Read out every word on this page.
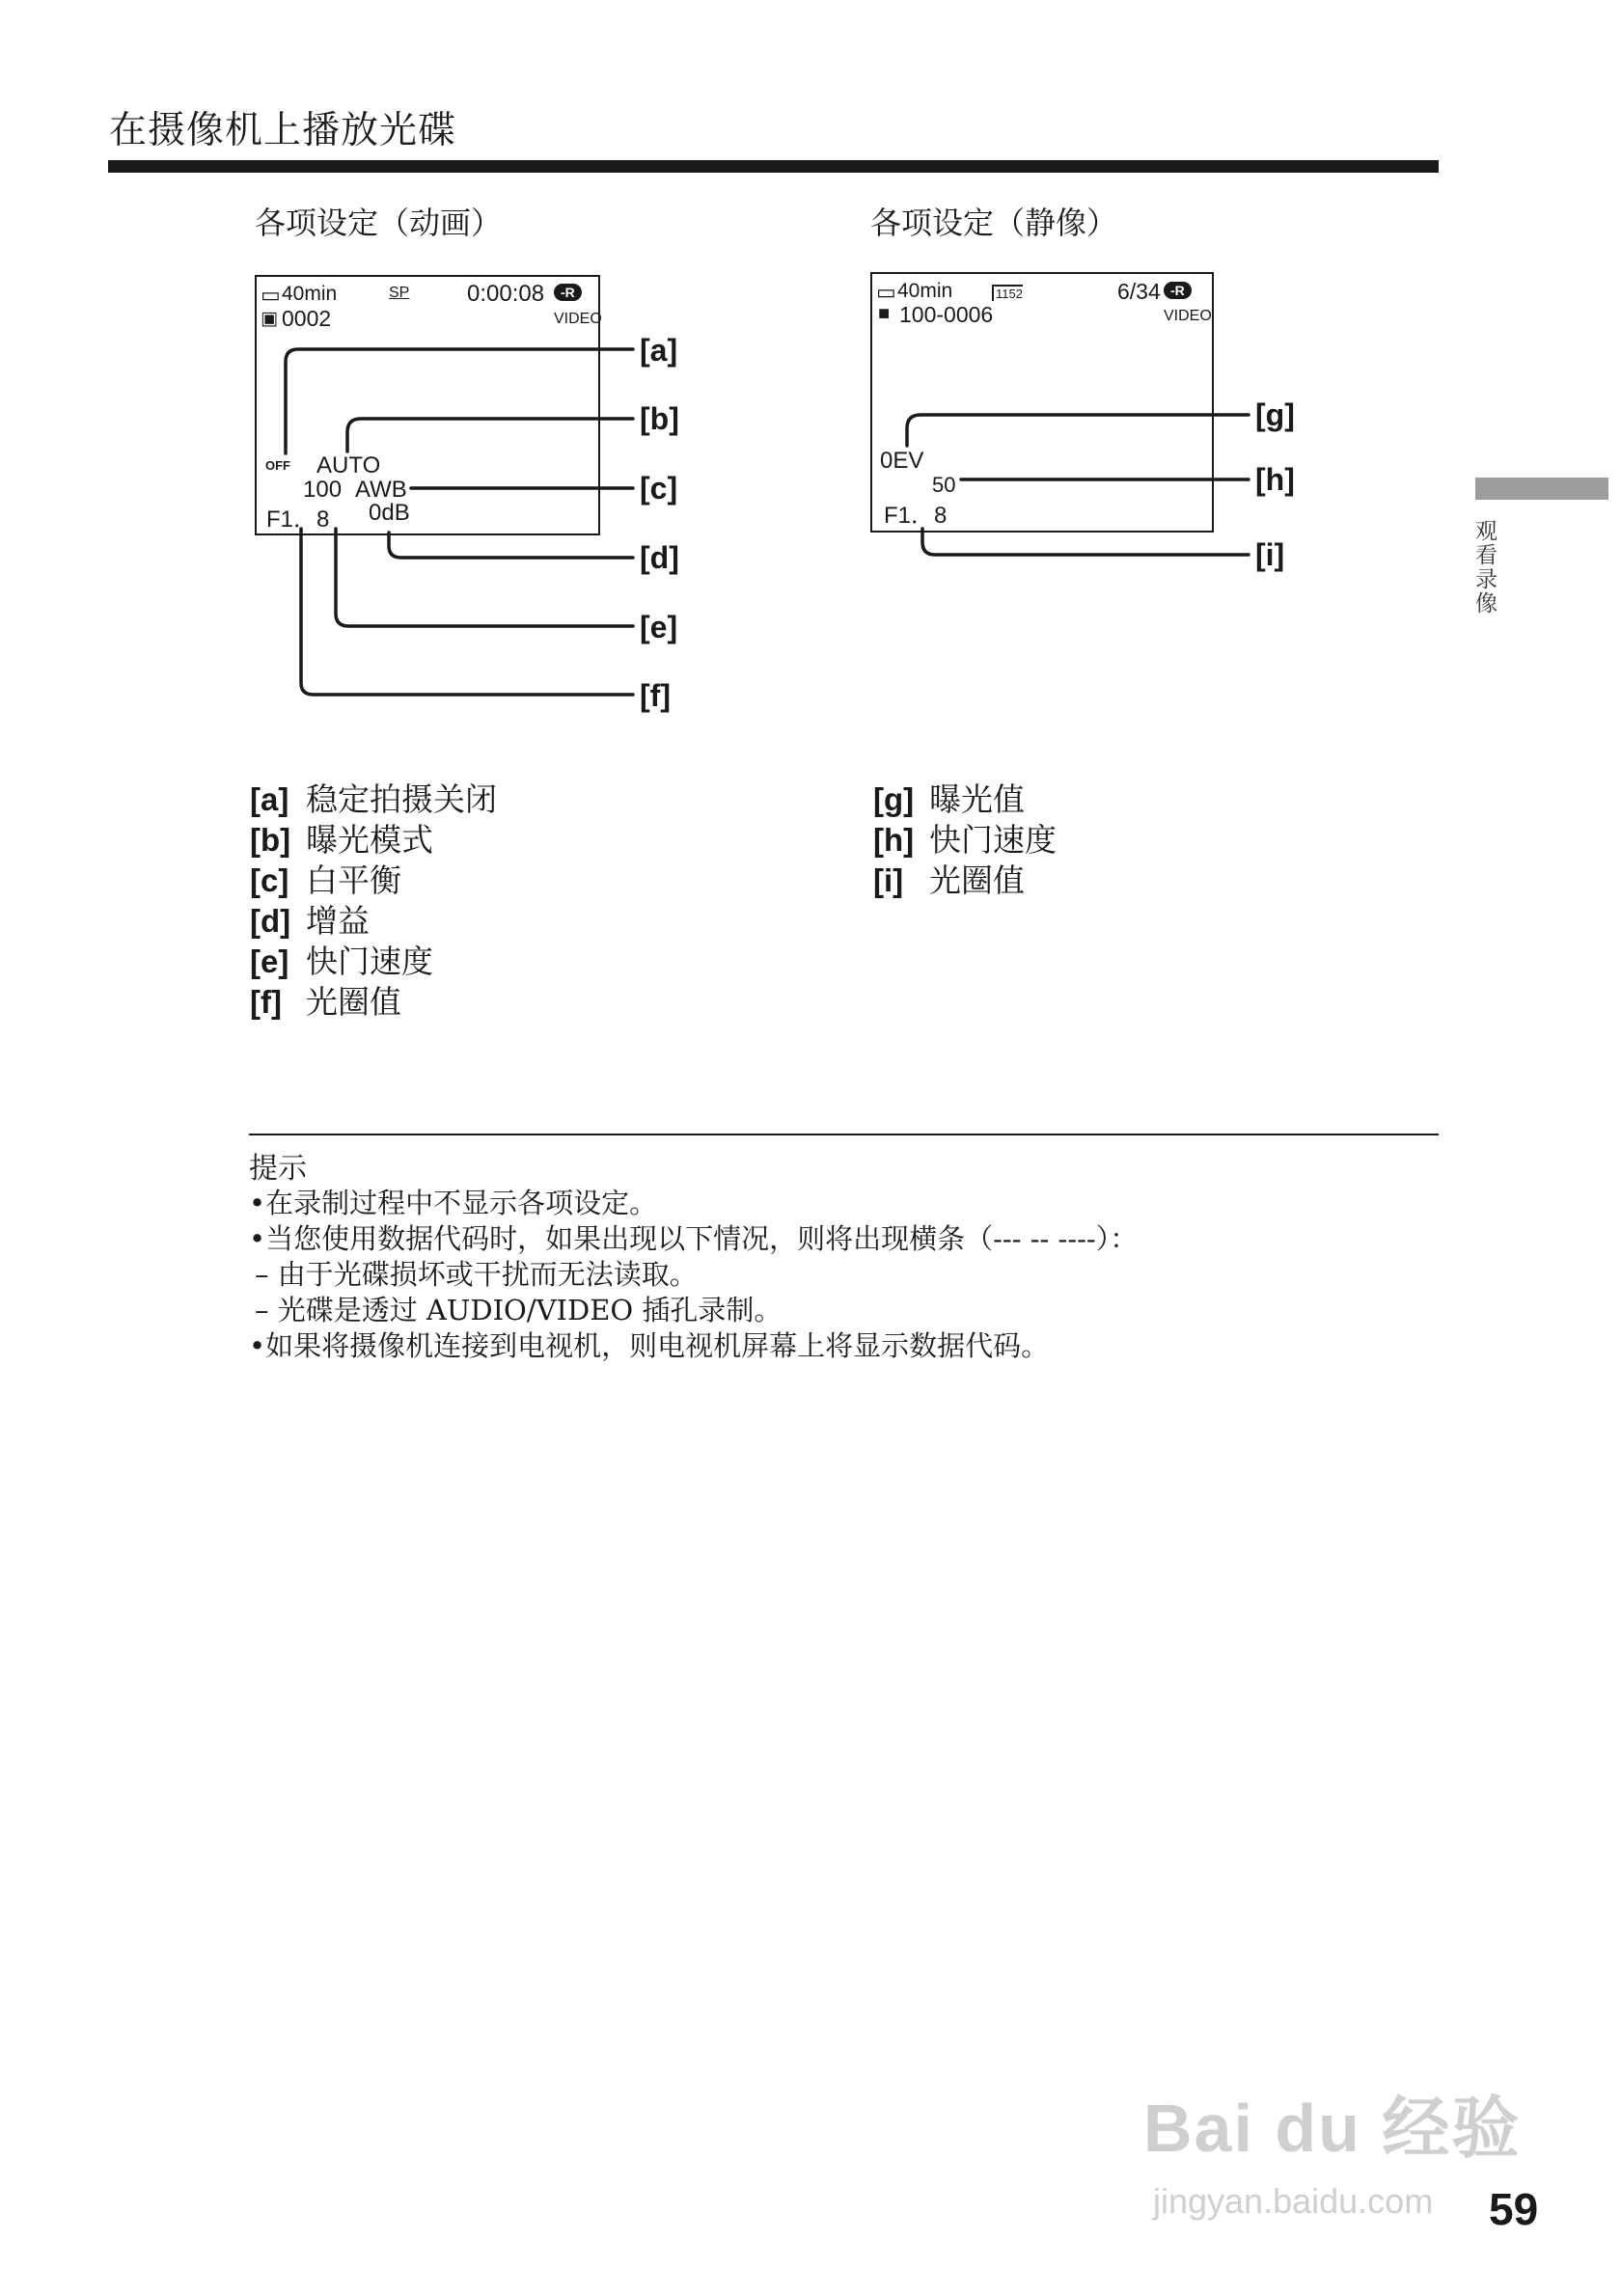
在摄像机上播放光碟
各项设定（动画）
▭ 40min	SP 0:00:08	-R
▣ 0002	VIDEO
OFF AUTO
100 AWB
F1．8 0dB
各项设定（静像）
▭ 40min	1152	6/34 -R
■ 100-0006	VIDEO
0EV
50
F1．8
[a]
[b]
[c]
[d]
[e]
[f]
[g]
[h]
[i]
[a] 稳定拍摄关闭
[b] 曝光模式
[c] 白平衡
[d] 增益
[e] 快门速度
[f] 光圈值
[g] 曝光值
[h] 快门速度
[i] 光圈值
观看录像
提示
•在录制过程中不显示各项设定。
•当您使用数据代码时，如果出现以下情况，则将出现横条（--- -- ----）：
– 由于光碟损坏或干扰而无法读取。
– 光碟是透过 AUDIO/VIDEO 插孔录制。
•如果将摄像机连接到电视机，则电视机屏幕上将显示数据代码。
Bai du 经验
jingyan.baidu.com	59
